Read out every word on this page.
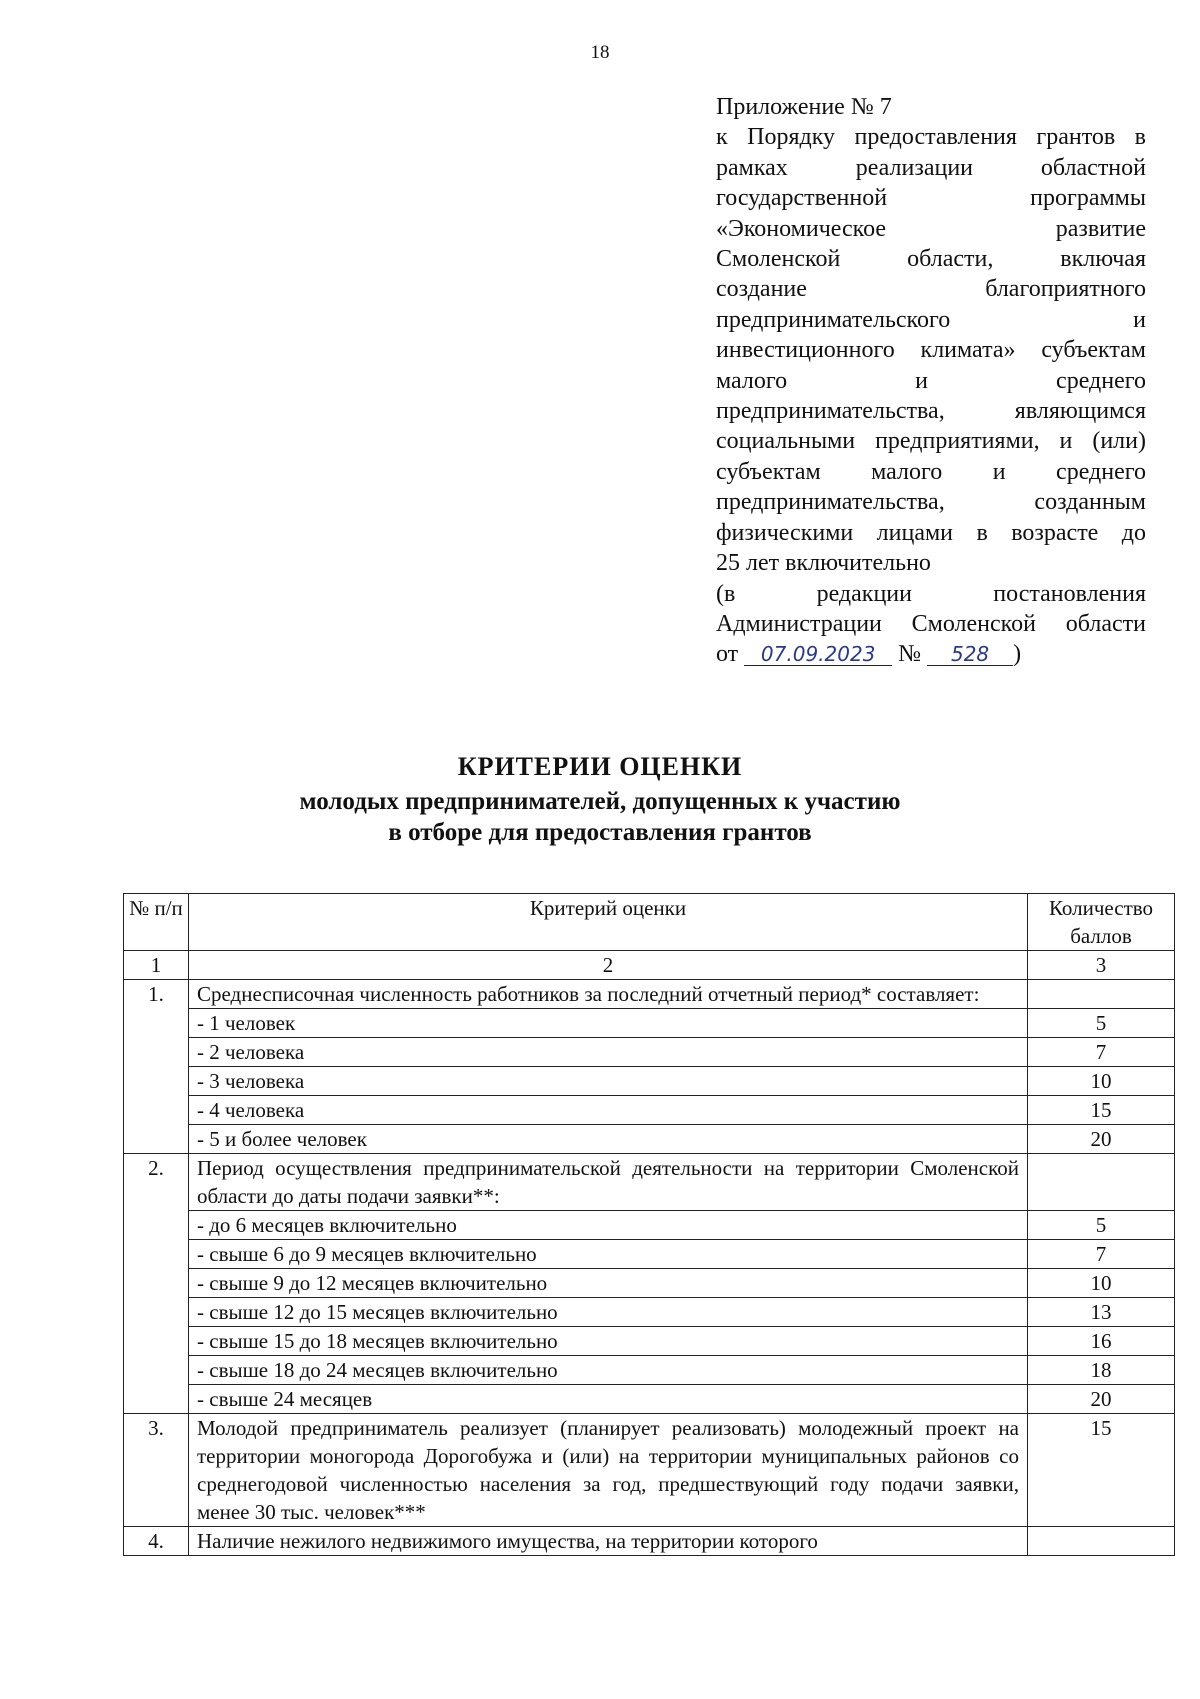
18
Приложение № 7
к Порядку предоставления грантов в
рамках реализации областной
государственной программы
«Экономическое развитие
Смоленской области, включая
создание благоприятного
предпринимательского и
инвестиционного климата» субъектам
малого и среднего
предпринимательства, являющимся
социальными предприятиями, и (или)
субъектам малого и среднего
предпринимательства, созданным
физическими лицами в возрасте до
25 лет включительно
(в редакции постановления
Администрации Смоленской области
от 07.09.2023 № 528 )
КРИТЕРИИ ОЦЕНКИ
молодых предпринимателей, допущенных к участию
в отборе для предоставления грантов
№ п/п	Критерий оценки	Количество баллов
1	2	3
1.	Среднесписочная численность работников за последний отчетный период* составляет:	
	- 1 человек	5
	- 2 человека	7
	- 3 человека	10
	- 4 человека	15
	- 5 и более человек	20
2.	Период осуществления предпринимательской деятельности на территории Смоленской области до даты подачи заявки**:	
	- до 6 месяцев включительно	5
	- свыше 6 до 9 месяцев включительно	7
	- свыше 9 до 12 месяцев включительно	10
	- свыше 12 до 15 месяцев включительно	13
	- свыше 15 до 18 месяцев включительно	16
	- свыше 18 до 24 месяцев включительно	18
	- свыше 24 месяцев	20
3.	Молодой предприниматель реализует (планирует реализовать) молодежный проект на территории моногорода Дорогобужа и (или) на территории муниципальных районов со среднегодовой численностью населения за год, предшествующий году подачи заявки, менее 30 тыс. человек***	15
4.	Наличие нежилого недвижимого имущества, на территории которого	
